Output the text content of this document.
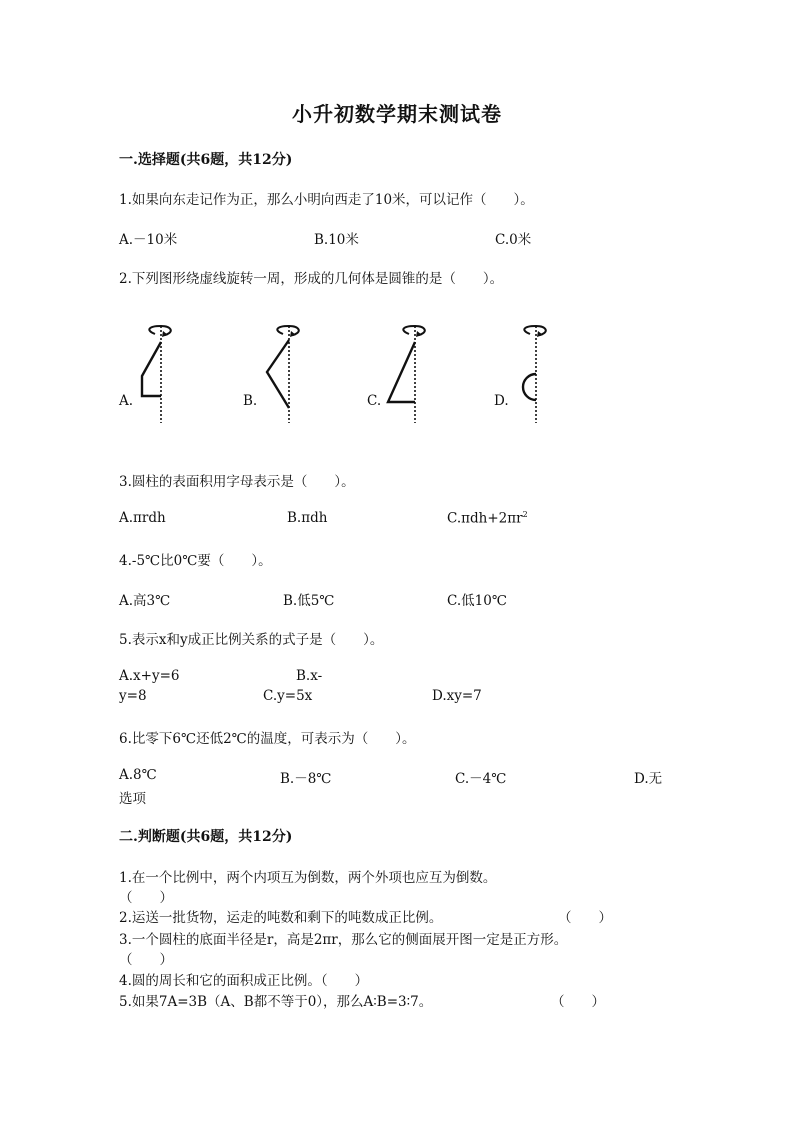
小升初数学期末测试卷
一.选择题(共6题，共12分)
1.如果向东走记作为正，那么小明向西走了10米，可以记作（　　）。
A.－10米	B.10米	C.0米
2.下列图形绕虚线旋转一周，形成的几何体是圆锥的是（　　）。
A.	B.	C.	D.
3.圆柱的表面积用字母表示是（　　）。
A.πrdh	B.πdh	$C.\pi dh+2\pi r^2$
4.-5℃比0℃要（　　）。
A.高3℃	B.低5℃	C.低10℃
5.表示x和y成正比例关系的式子是（　　）。
A.x+y=6	B.x-
y=8	C.y=5x	D.xy=7
6.比零下6℃还低2℃的温度，可表示为（　　）。
A.8℃	B.－8℃	C.－4℃	D.无
选项
二.判断题(共6题，共12分)
1.在一个比例中，两个内项互为倒数，两个外项也应互为倒数。
（　　）
2.运送一批货物，运走的吨数和剩下的吨数成正比例。	（　　）
3.一个圆柱的底面半径是r，高是2πr，那么它的侧面展开图一定是正方形。
（　　）
4.圆的周长和它的面积成正比例。（　　）
5.如果7A=3B（A、B都不等于0），那么A∶B=3∶7。	（　　）
